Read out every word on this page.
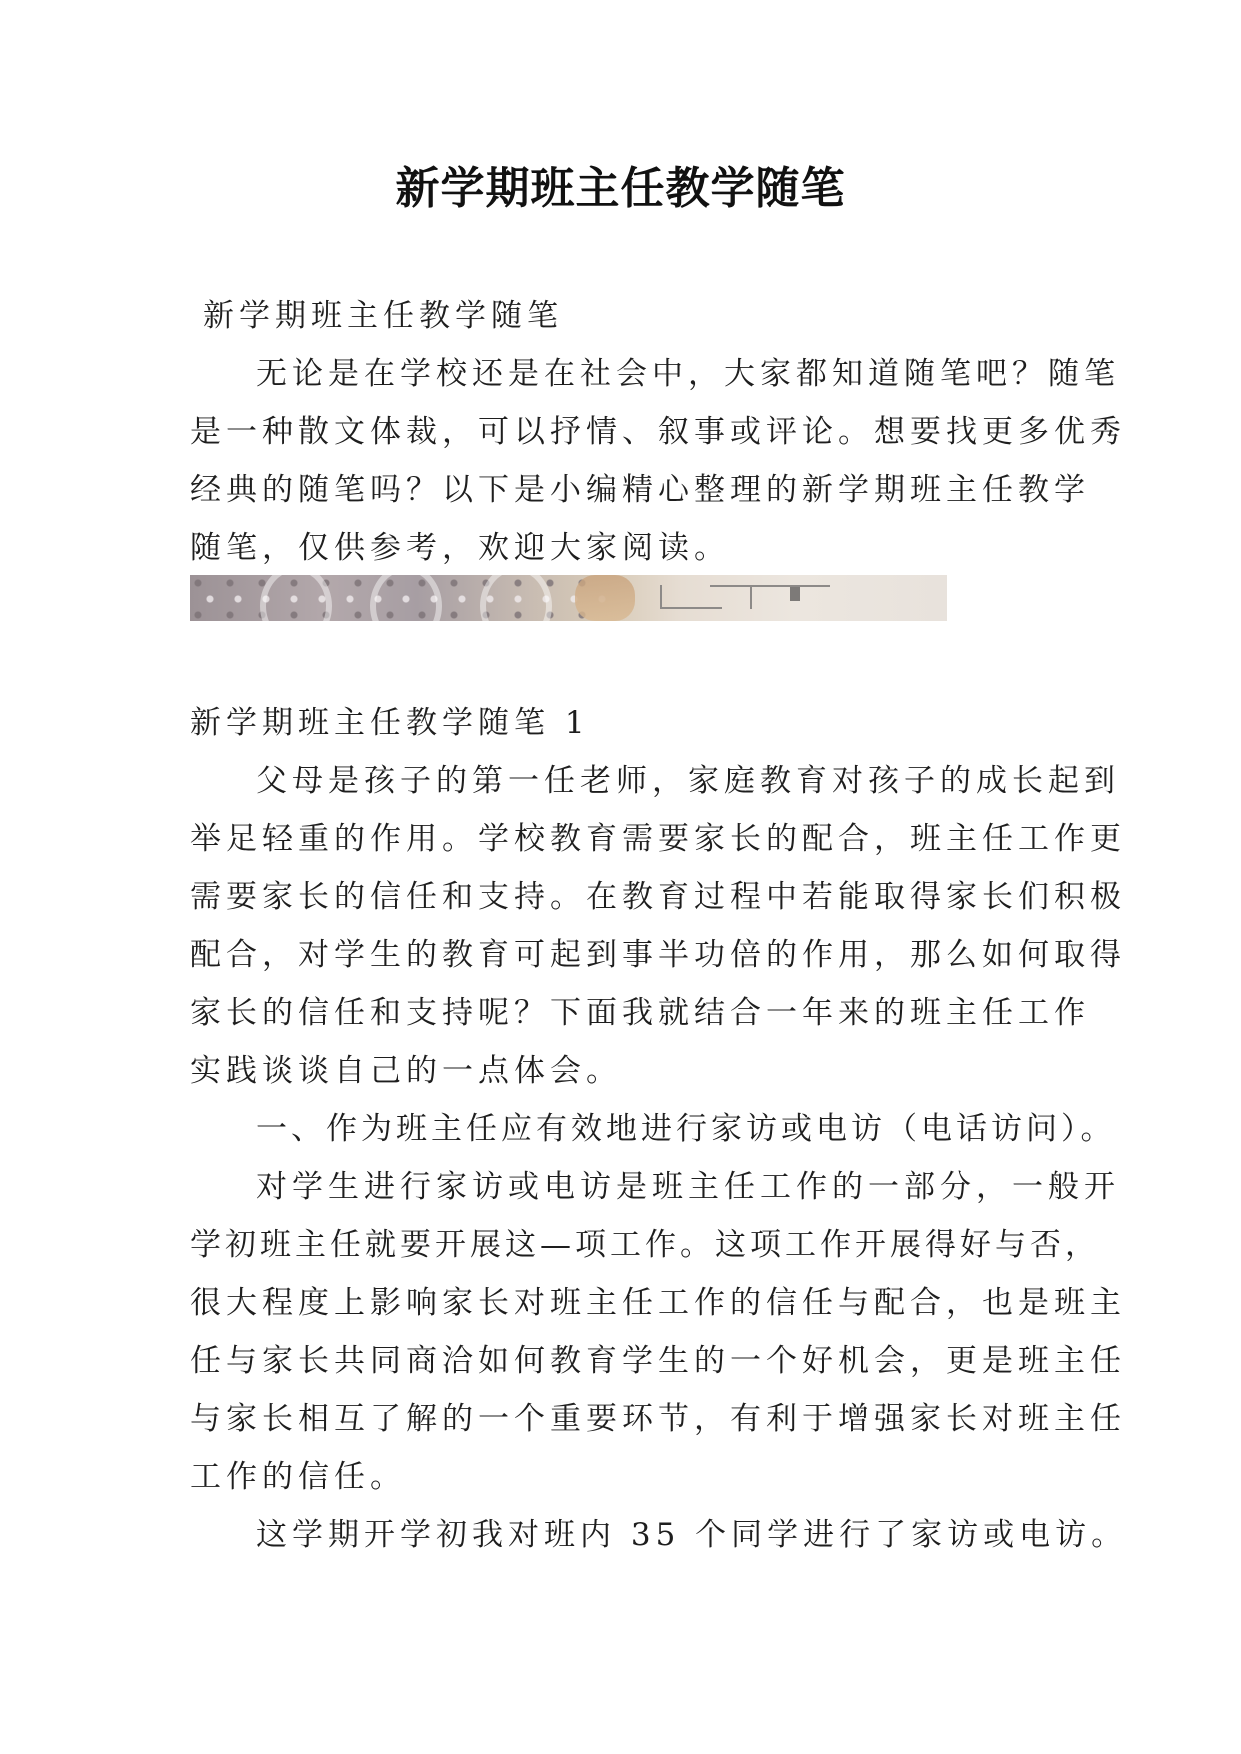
新学期班主任教学随笔
新学期班主任教学随笔
无论是在学校还是在社会中，大家都知道随笔吧？随笔
是一种散文体裁，可以抒情、叙事或评论。想要找更多优秀
经典的随笔吗？以下是小编精心整理的新学期班主任教学
随笔，仅供参考，欢迎大家阅读。
新学期班主任教学随笔 1
父母是孩子的第一任老师，家庭教育对孩子的成长起到
举足轻重的作用。学校教育需要家长的配合，班主任工作更
需要家长的信任和支持。在教育过程中若能取得家长们积极
配合，对学生的教育可起到事半功倍的作用，那么如何取得
家长的信任和支持呢？下面我就结合一年来的班主任工作
实践谈谈自己的一点体会。
一、作为班主任应有效地进行家访或电访（电话访问）。
对学生进行家访或电访是班主任工作的一部分，一般开
学初班主任就要开展这—项工作。这项工作开展得好与否，
很大程度上影响家长对班主任工作的信任与配合，也是班主
任与家长共同商洽如何教育学生的一个好机会，更是班主任
与家长相互了解的一个重要环节，有利于增强家长对班主任
工作的信任。
这学期开学初我对班内 35 个同学进行了家访或电访。
